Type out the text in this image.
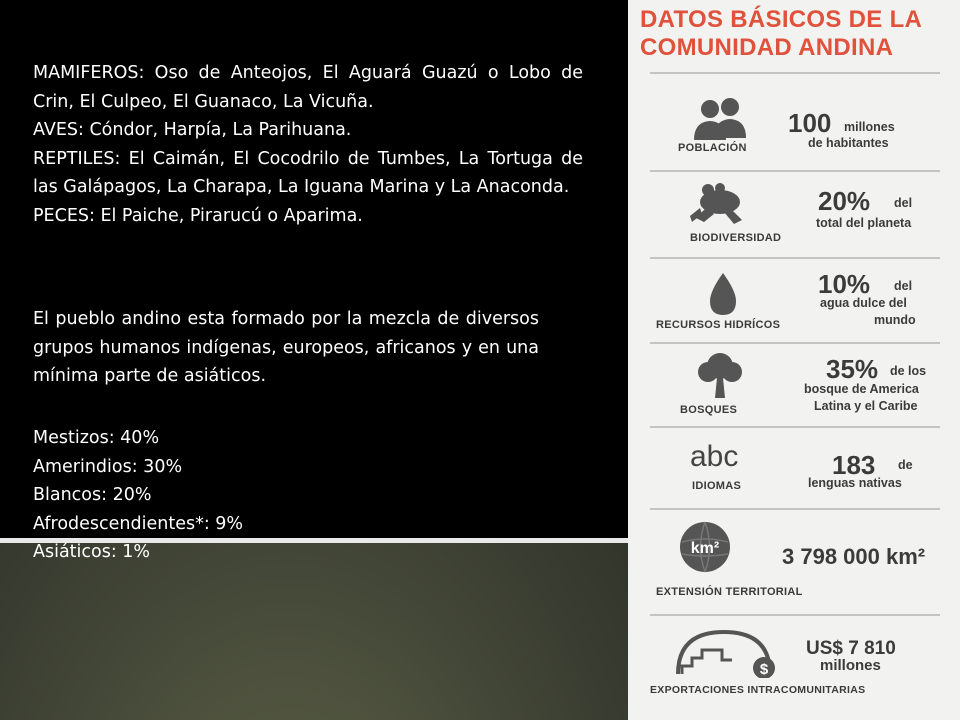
MAMIFEROS: Oso de Anteojos, El Aguará Guazú o Lobo de Crin, El Culpeo, El Guanaco, La Vicuña.

AVES: Cóndor, Harpía, La Parihuana.

REPTILES: El Caimán, El Cocodrilo de Tumbes, La Tortuga de las Galápagos, La Charapa, La Iguana Marina y La Anaconda.

PECES: El Paiche, Pirarucú o Aparima.

El pueblo andino esta formado por la mezcla de diversos grupos humanos indígenas, europeos, africanos y en una mínima parte de asiáticos.

Mestizos: 40%
Amerindios: 30%
Blancos: 20%
Afrodescendientes*: 9%
Asiáticos: 1%
DATOS BÁSICOS DE LA
COMUNIDAD ANDINA
POBLACIÓN
100 millones
de habitantes
BIODIVERSIDAD
20% del
total del planeta
RECURSOS HIDRÍCOS
10% del
agua dulce del
mundo
BOSQUES
35% de los
bosque de America
Latina y el Caribe
abc
IDIOMAS
183 de
lenguas nativas
km²	3 798 000 km²
EXTENSIÓN TERRITORIAL
$
US$ 7 810
millones
EXPORTACIONES INTRACOMUNITARIAS
